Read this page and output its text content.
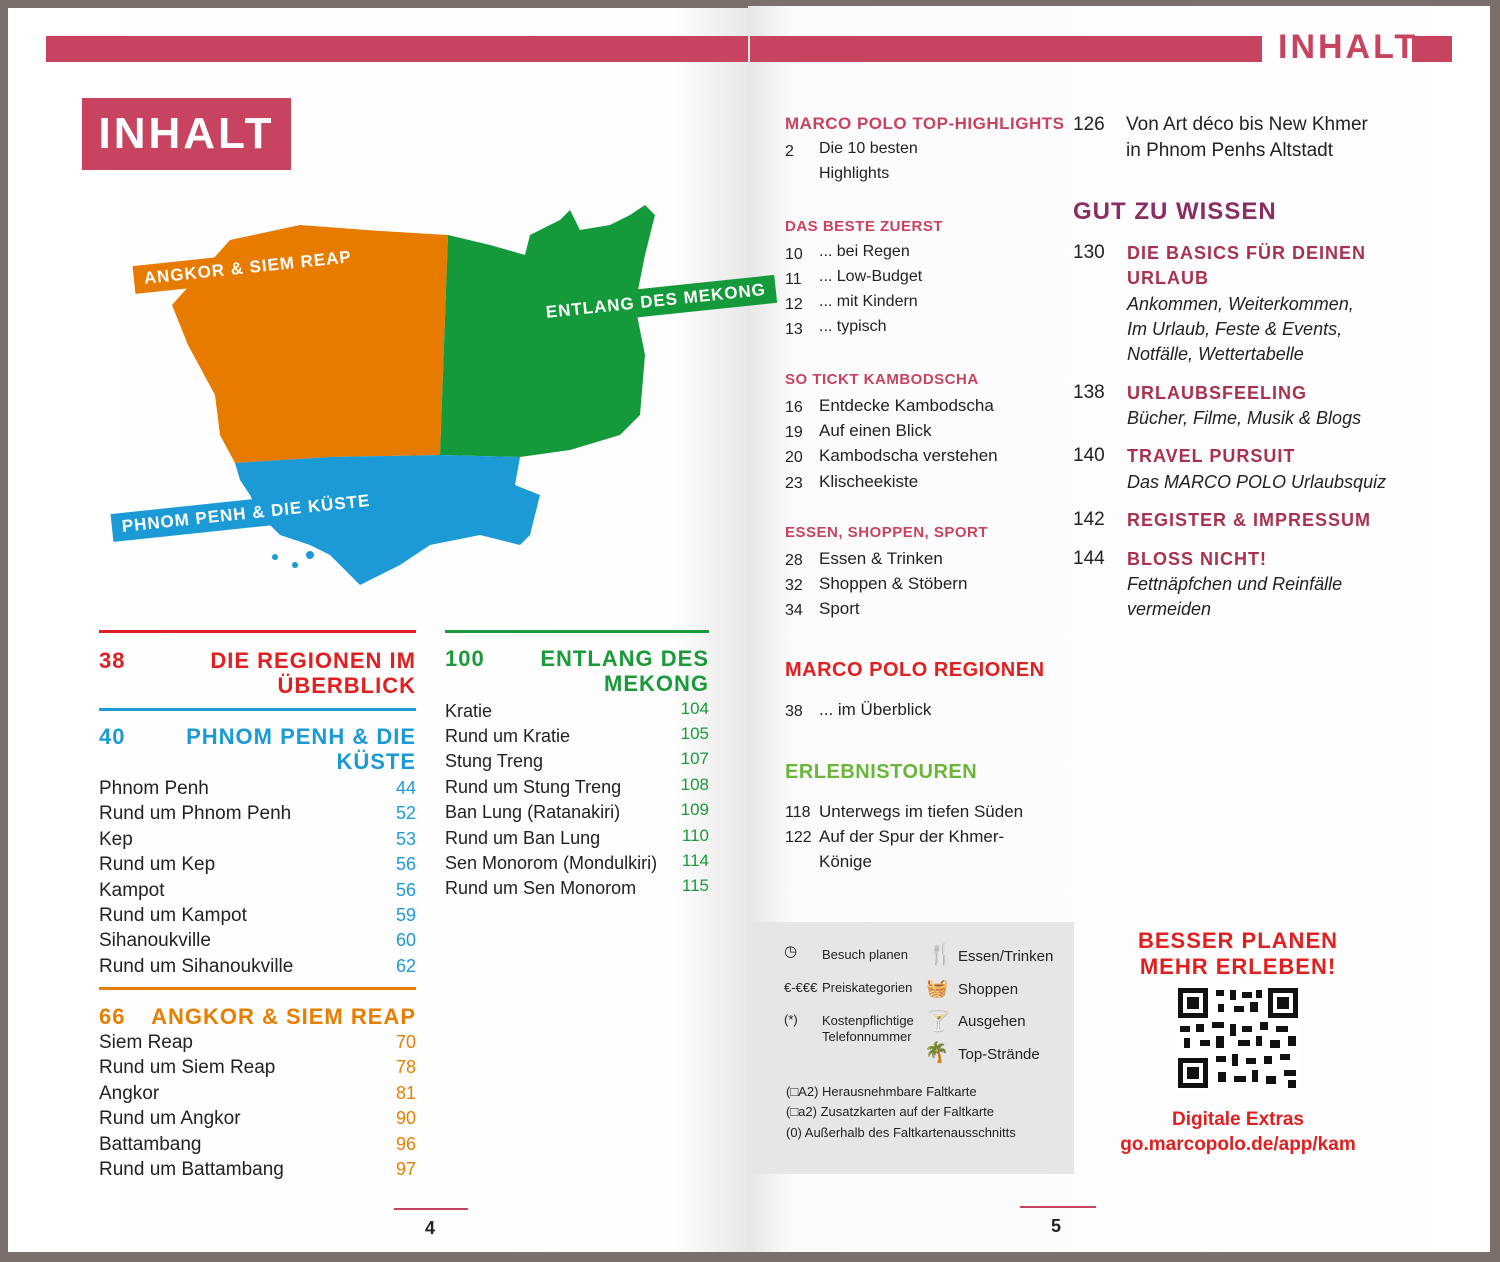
INHALT
INHALT
ANGKOR & SIEM REAP
ENTLANG DES MEKONG
PHNOM PENH & DIE KÜSTE
38	DIE REGIONEN IM
ÜBERBLICK
40	PHNOM PENH & DIE
KÜSTE
Phnom Penh	44
Rund um Phnom Penh	52
Kep	53
Rund um Kep	56
Kampot	56
Rund um Kampot	59
Sihanoukville	60
Rund um Sihanoukville	62
66 ANGKOR & SIEM REAP
Siem Reap	70
Rund um Siem Reap	78
Angkor	81
Rund um Angkor	90
Battambang	96
Rund um Battambang	97
100	ENTLANG DES
MEKONG
Kratie	104
Rund um Kratie	105
Stung Treng	107
Rund um Stung Treng	108
Ban Lung (Ratanakiri)	109
Rund um Ban Lung	110
Sen Monorom (Mondulkiri)	114
Rund um Sen Monorom	115
4
MARCO POLO TOP-HIGHLIGHTS
2 Die 10 besten
Highlights
DAS BESTE ZUERST
10 ... bei Regen
11 ... Low-Budget
12 ... mit Kindern
13 ... typisch
SO TICKT KAMBODSCHA
16 Entdecke Kambodscha
19 Auf einen Blick
20 Kambodscha verstehen
23 Klischeekiste
ESSEN, SHOPPEN, SPORT
28 Essen & Trinken
32 Shoppen & Stöbern
34 Sport
MARCO POLO REGIONEN
38 ... im Überblick
ERLEBNISTOUREN
118 Unterwegs im tiefen Süden
122 Auf der Spur der Khmer-
Könige
126 Von Art déco bis New Khmer
in Phnom Penhs Altstadt
GUT ZU WISSEN
130 DIE BASICS FÜR DEINEN
URLAUB
Ankommen, Weiterkommen,
Im Urlaub, Feste & Events,
Notfälle, Wettertabelle
138 URLAUBSFEELING
Bücher, Filme, Musik & Blogs
140 TRAVEL PURSUIT
Das MARCO POLO Urlaubsquiz
142 REGISTER & IMPRESSUM
144 BLOSS NICHT!
Fettnäpfchen und Reinfälle
vermeiden
◷ Besuch planen
€-€€€ Preiskategorien
(*) Kostenpflichtige
Telefonnummer
🍴 Essen/Trinken
🧺 Shoppen
🍸 Ausgehen
🌴 Top-Strände
(□A2) Herausnehmbare Faltkarte
(□a2) Zusatzkarten auf der Faltkarte
(0) Außerhalb des Faltkartenausschnitts
BESSER PLANEN
MEHR ERLEBEN!
Digitale Extras
go.marcopolo.de/app/kam
5
